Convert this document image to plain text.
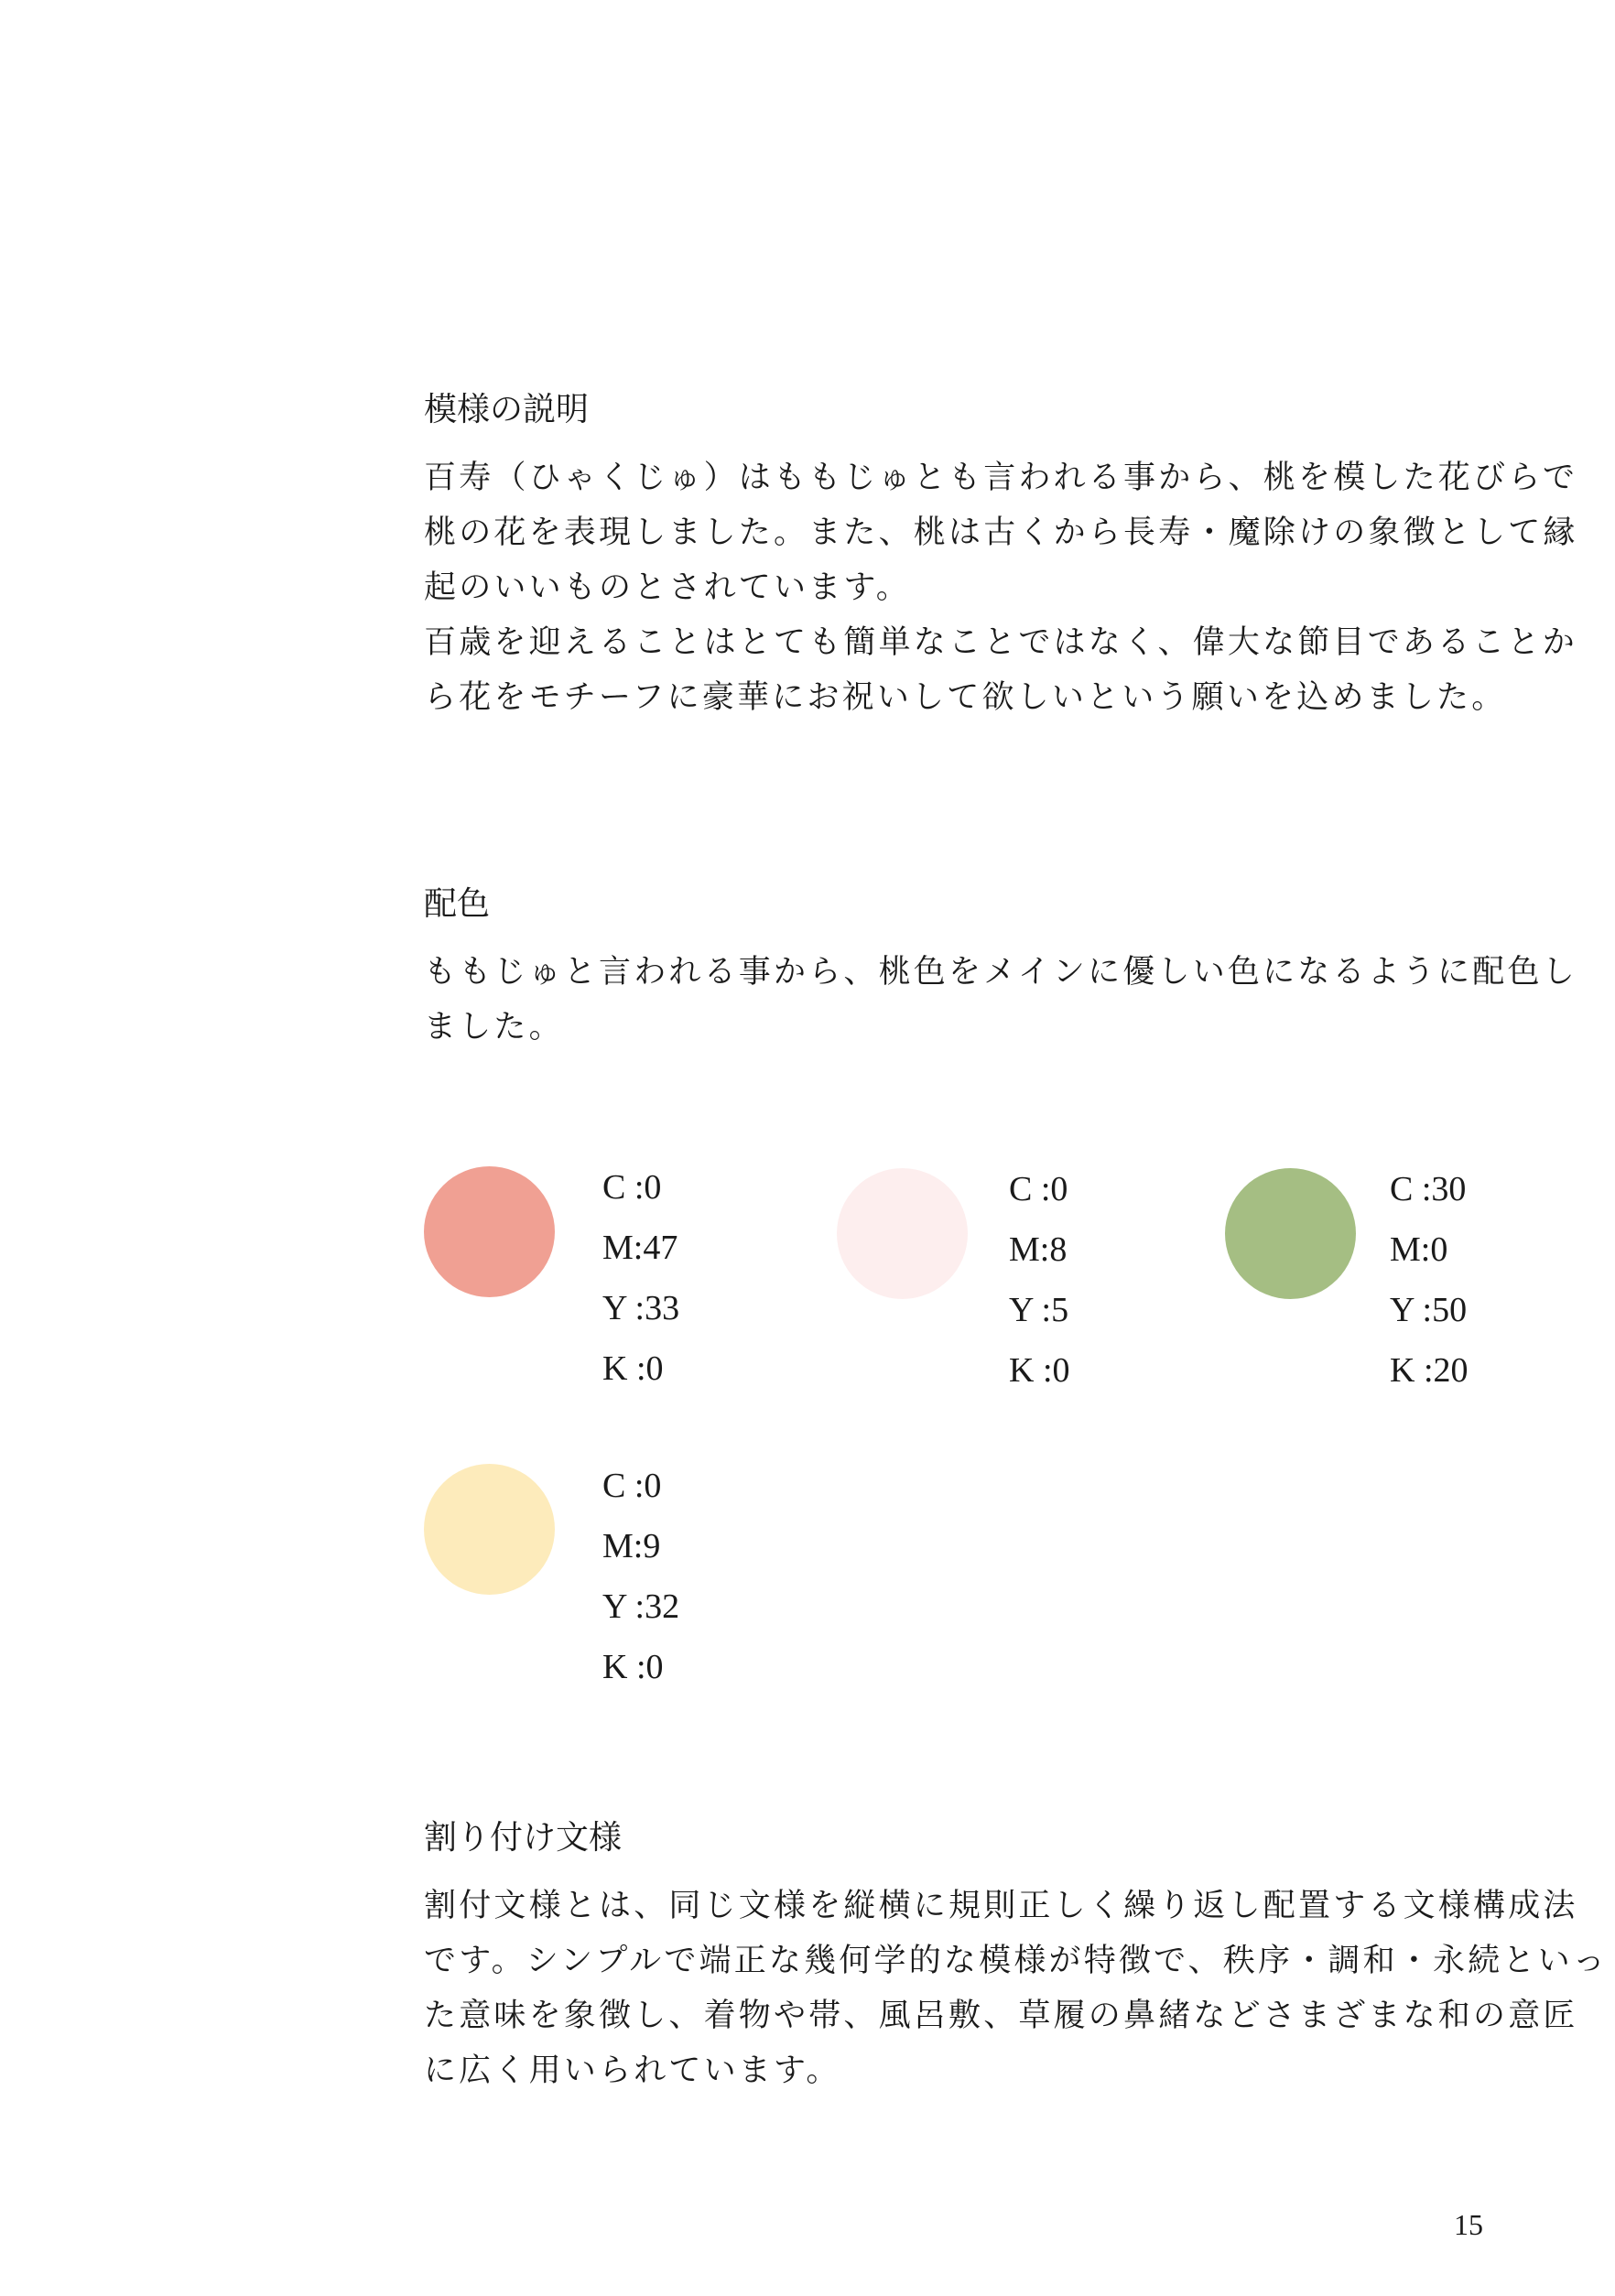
模様の説明
百寿（ひゃくじゅ）はももじゅとも言われる事から、桃を模した花びらで
桃の花を表現しました。また、桃は古くから長寿・魔除けの象徴として縁
起のいいものとされています。
百歳を迎えることはとても簡単なことではなく、偉大な節目であることか
ら花をモチーフに豪華にお祝いして欲しいという願いを込めました。
配色
ももじゅと言われる事から、桃色をメインに優しい色になるように配色し
ました。
C :0
M:47
Y :33
K :0
C :0
M:8
Y :5
K :0
C :30
M:0
Y :50
K :20
C :0
M:9
Y :32
K :0
割り付け文様
割付文様とは、同じ文様を縦横に規則正しく繰り返し配置する文様構成法
です。シンプルで端正な幾何学的な模様が特徴で、秩序・調和・永続といっ
た意味を象徴し、着物や帯、風呂敷、草履の鼻緒などさまざまな和の意匠
に広く用いられています。
15
